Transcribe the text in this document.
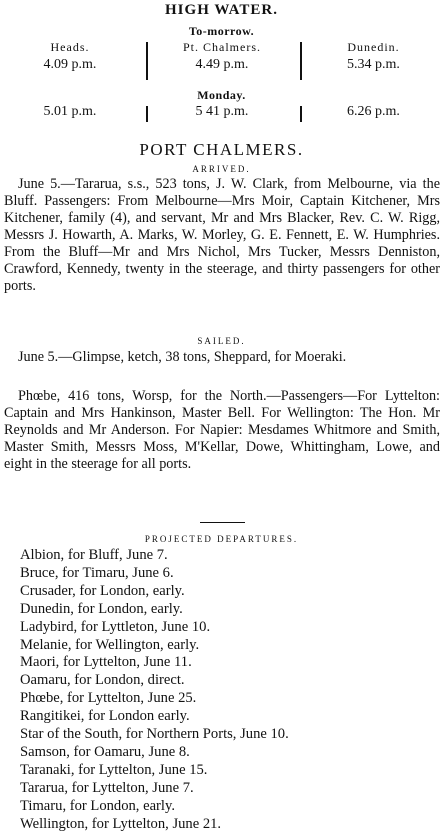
HIGH WATER.
To-morrow.
Heads.
4.09 p.m.
Pt. Chalmers.
4.49 p.m.
Dunedin.
5.34 p.m.
Monday.
5.01 p.m.	5 41 p.m.	6.26 p.m.
PORT CHALMERS.
ARRIVED.
June 5.—Tararua, s.s., 523 tons, J. W. Clark, from Melbourne, via the Bluff. Passengers: From Melbourne—Mrs Moir, Captain Kitchener, Mrs Kitchener, family (4), and servant, Mr and Mrs Blacker, Rev. C. W. Rigg, Messrs J. Howarth, A. Marks, W. Morley, G. E. Fennett, E. W. Humphries. From the Bluff—Mr and Mrs Nichol, Mrs Tucker, Messrs Denniston, Crawford, Kennedy, twenty in the steerage, and thirty passengers for other ports.
SAILED.
June 5.—Glimpse, ketch, 38 tons, Sheppard, for Moeraki.
Phœbe, 416 tons, Worsp, for the North.—Passengers—For Lyttelton: Captain and Mrs Hankinson, Master Bell. For Wellington: The Hon. Mr Reynolds and Mr Anderson. For Napier: Mesdames Whitmore and Smith, Master Smith, Messrs Moss, M'Kellar, Dowe, Whittingham, Lowe, and eight in the steerage for all ports.
PROJECTED DEPARTURES.
Albion, for Bluff, June 7.
Bruce, for Timaru, June 6.
Crusader, for London, early.
Dunedin, for London, early.
Ladybird, for Lyttleton, June 10.
Melanie, for Wellington, early.
Maori, for Lyttelton, June 11.
Oamaru, for London, direct.
Phœbe, for Lyttelton, June 25.
Rangitikei, for London early.
Star of the South, for Northern Ports, June 10.
Samson, for Oamaru, June 8.
Taranaki, for Lyttelton, June 15.
Tararua, for Lyttelton, June 7.
Timaru, for London, early.
Wellington, for Lyttelton, June 21.
